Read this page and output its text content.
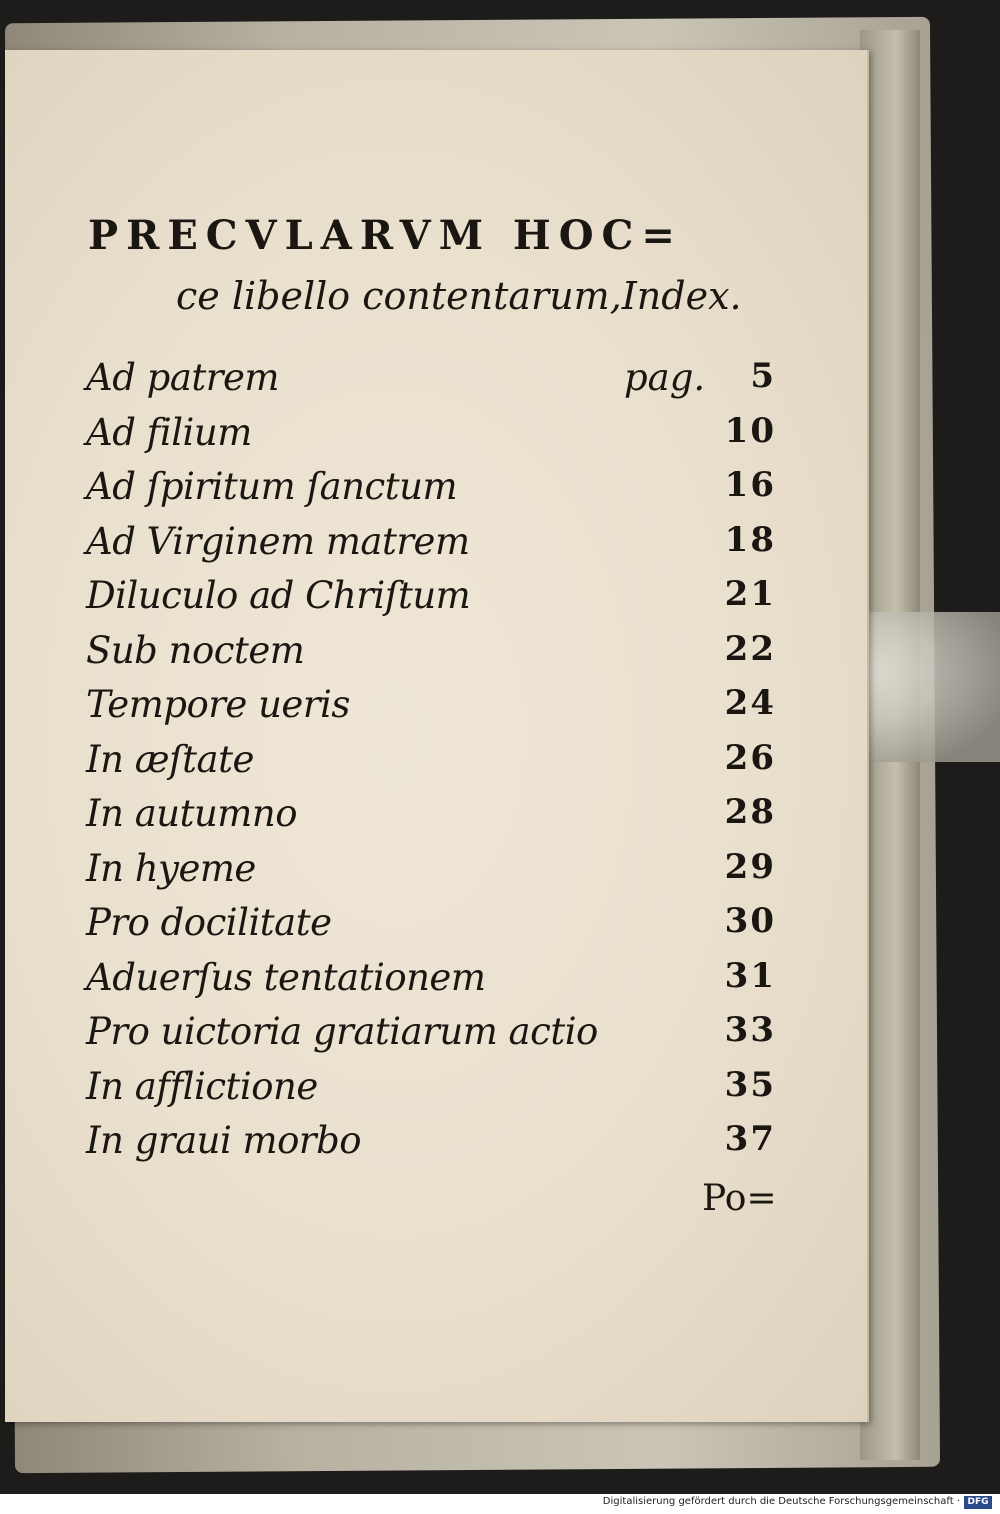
PRECVLARVM HOC=
ce libello contentarum,Index.
Ad patrem	pag. 5
Ad filium	10
Ad ſpiritum ſanctum	16
Ad Virginem matrem	18
Diluculo ad Chriſtum	21
Sub noctem	22
Tempore ueris	24
In æſtate	26
In autumno	28
In hyeme	29
Pro docilitate	30
Aduerſus tentationem	31
Pro uictoria gratiarum actio	33
In afflictione	35
In graui morbo	37
Po=
Digitalisierung gefördert durch die Deutsche Forschungsgemeinschaft · DFG
